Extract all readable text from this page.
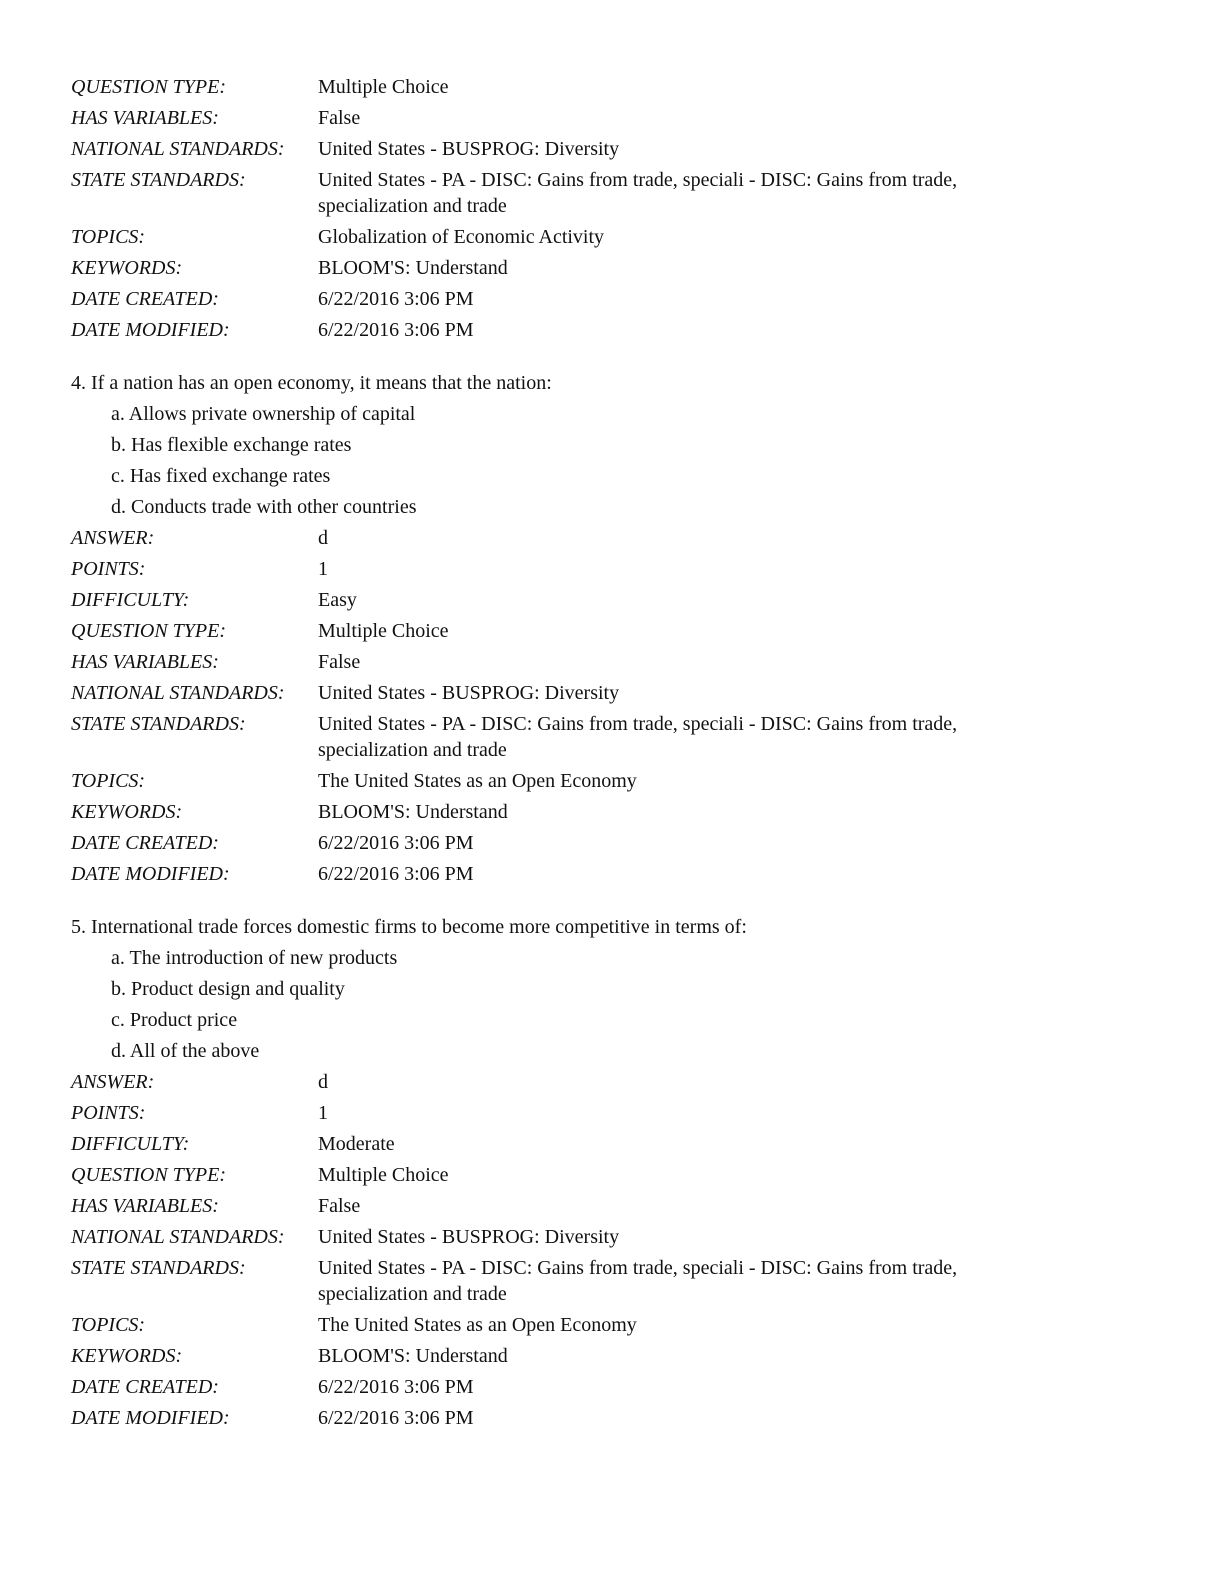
QUESTION TYPE:	Multiple Choice
HAS VARIABLES:	False
NATIONAL STANDARDS:	United States - BUSPROG: Diversity
STATE STANDARDS:	United States - PA - DISC: Gains from trade, speciali - DISC: Gains from trade, specialization and trade
TOPICS:	Globalization of Economic Activity
KEYWORDS:	BLOOM'S: Understand
DATE CREATED:	6/22/2016 3:06 PM
DATE MODIFIED:	6/22/2016 3:06 PM
4. If a nation has an open economy, it means that the nation:
a. Allows private ownership of capital
b. Has flexible exchange rates
c. Has fixed exchange rates
d. Conducts trade with other countries
ANSWER:	d
POINTS:	1
DIFFICULTY:	Easy
QUESTION TYPE:	Multiple Choice
HAS VARIABLES:	False
NATIONAL STANDARDS:	United States - BUSPROG: Diversity
STATE STANDARDS:	United States - PA - DISC: Gains from trade, speciali - DISC: Gains from trade, specialization and trade
TOPICS:	The United States as an Open Economy
KEYWORDS:	BLOOM'S: Understand
DATE CREATED:	6/22/2016 3:06 PM
DATE MODIFIED:	6/22/2016 3:06 PM
5. International trade forces domestic firms to become more competitive in terms of:
a. The introduction of new products
b. Product design and quality
c. Product price
d. All of the above
ANSWER:	d
POINTS:	1
DIFFICULTY:	Moderate
QUESTION TYPE:	Multiple Choice
HAS VARIABLES:	False
NATIONAL STANDARDS:	United States - BUSPROG: Diversity
STATE STANDARDS:	United States - PA - DISC: Gains from trade, speciali - DISC: Gains from trade, specialization and trade
TOPICS:	The United States as an Open Economy
KEYWORDS:	BLOOM'S: Understand
DATE CREATED:	6/22/2016 3:06 PM
DATE MODIFIED:	6/22/2016 3:06 PM
